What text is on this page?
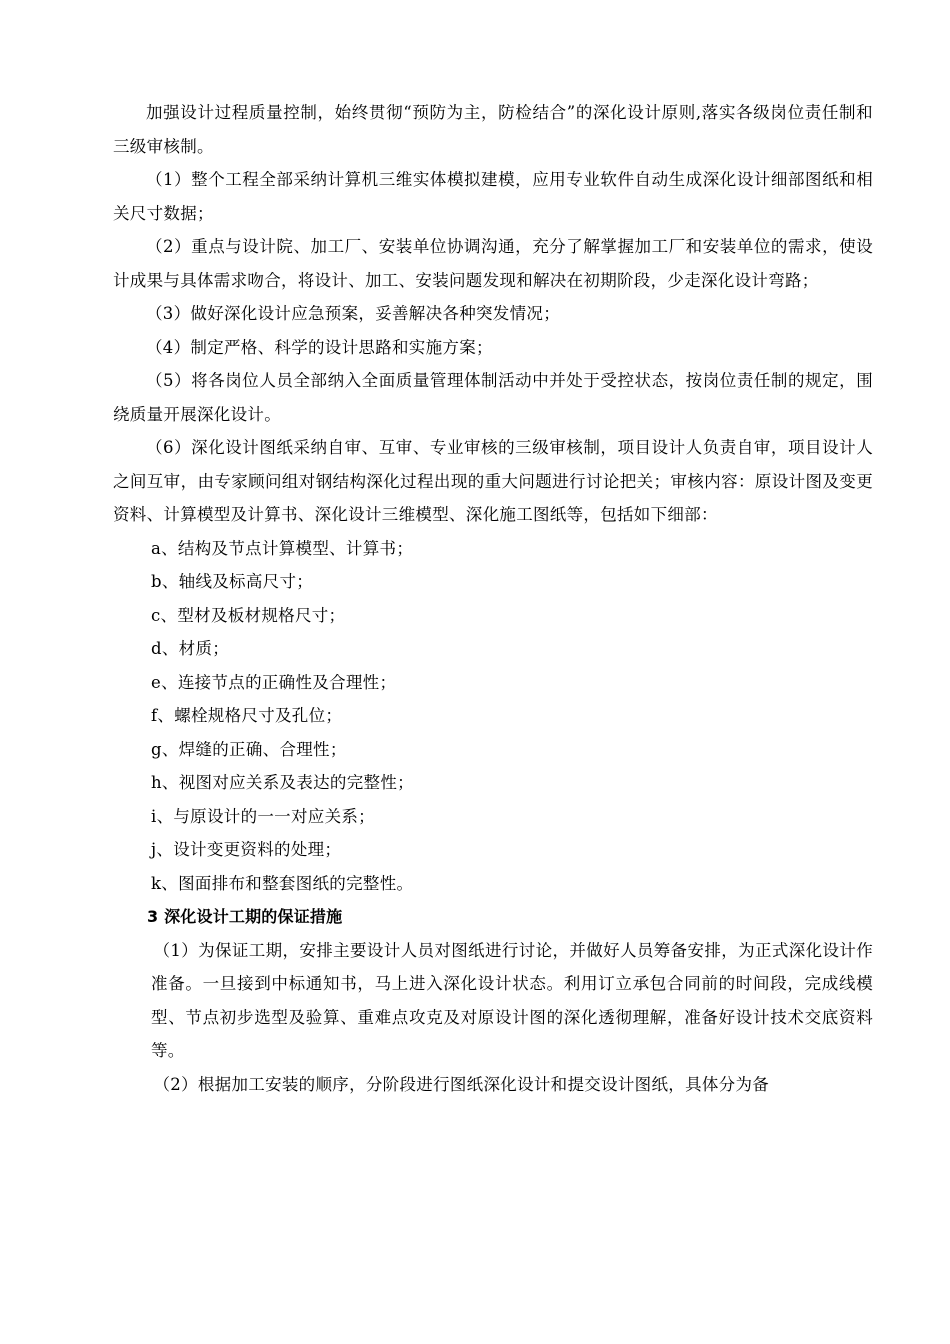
加强设计过程质量控制，始终贯彻“预防为主，防检结合”的深化设计原则,落实各级岗位责任制和三级审核制。

（1）整个工程全部采纳计算机三维实体模拟建模，应用专业软件自动生成深化设计细部图纸和相关尺寸数据；

（2）重点与设计院、加工厂、安装单位协调沟通，充分了解掌握加工厂和安装单位的需求，使设计成果与具体需求吻合，将设计、加工、安装问题发现和解决在初期阶段，少走深化设计弯路；

（3）做好深化设计应急预案，妥善解决各种突发情况；

（4）制定严格、科学的设计思路和实施方案；

（5）将各岗位人员全部纳入全面质量管理体制活动中并处于受控状态，按岗位责任制的规定，围绕质量开展深化设计。

（6）深化设计图纸采纳自审、互审、专业审核的三级审核制，项目设计人负责自审，项目设计人之间互审，由专家顾问组对钢结构深化过程出现的重大问题进行讨论把关；审核内容：原设计图及变更资料、计算模型及计算书、深化设计三维模型、深化施工图纸等，包括如下细部：

a、结构及节点计算模型、计算书；

b、轴线及标高尺寸；

c、型材及板材规格尺寸；

d、材质；

e、连接节点的正确性及合理性；

f、螺栓规格尺寸及孔位；

g、焊缝的正确、合理性；

h、视图对应关系及表达的完整性；

i、与原设计的一一对应关系；

j、设计变更资料的处理；

k、图面排布和整套图纸的完整性。

3 深化设计工期的保证措施

（1）为保证工期，安排主要设计人员对图纸进行讨论，并做好人员筹备安排，为正式深化设计作准备。一旦接到中标通知书，马上进入深化设计状态。利用订立承包合同前的时间段，完成线模型、节点初步选型及验算、重难点攻克及对原设计图的深化透彻理解，准备好设计技术交底资料等。

（2）根据加工安装的顺序，分阶段进行图纸深化设计和提交设计图纸，具体分为备
